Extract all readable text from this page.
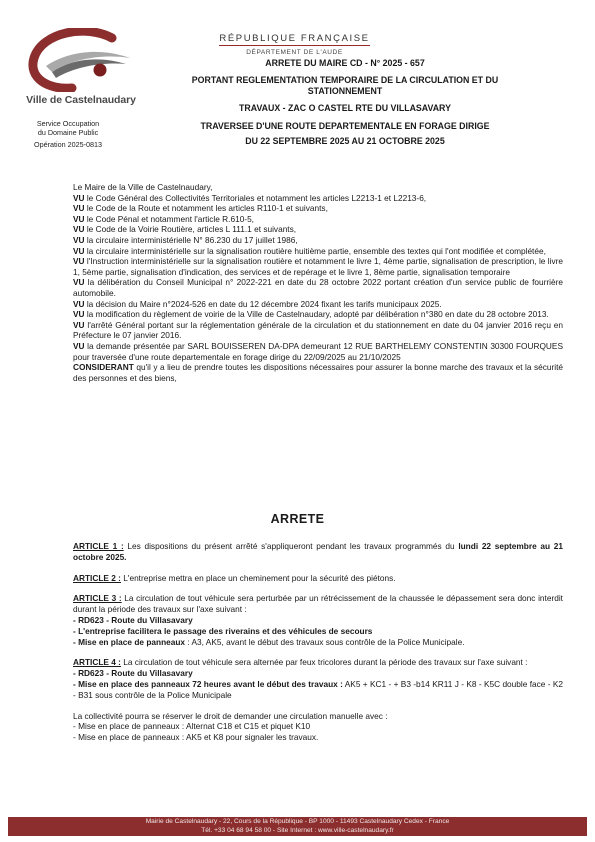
Ville de Castelnaudary
Service Occupation
du Domaine Public
Opération 2025-0813
RÉPUBLIQUE FRANÇAISE
DÉPARTEMENT DE L'AUDE
ARRETE DU MAIRE CD - N° 2025 - 657
PORTANT REGLEMENTATION TEMPORAIRE DE LA CIRCULATION ET DU
STATIONNEMENT
TRAVAUX - ZAC O CASTEL RTE DU VILLASAVARY
TRAVERSEE D'UNE ROUTE DEPARTEMENTALE EN FORAGE DIRIGE
DU 22 SEPTEMBRE 2025 AU 21 OCTOBRE 2025

Le Maire de la Ville de Castelnaudary,

VU le Code Général des Collectivités Territoriales et notamment les articles L2213-1 et L2213-6,

VU le Code de la Route et notamment les articles R110-1 et suivants,

VU le Code Pénal et notamment l'article R.610-5,

VU le Code de la Voirie Routière, articles L 111.1 et suivants,

VU la circulaire interministérielle N° 86.230 du 17 juillet 1986,

VU la circulaire interministérielle sur la signalisation routière huitième partie, ensemble des textes qui l'ont modifiée et complétée,

VU l'Instruction interministérielle sur la signalisation routière et notamment le livre 1, 4ème partie, signalisation de prescription, le livre 1, 5ème partie, signalisation d'indication, des services et de repérage et le livre 1, 8ème partie, signalisation temporaire

VU la délibération du Conseil Municipal n° 2022-221 en date du 28 octobre 2022 portant création d'un service public de fourrière automobile.

VU la décision du Maire n°2024-526 en date du 12 décembre 2024 fixant les tarifs municipaux 2025.

VU la modification du règlement de voirie de la Ville de Castelnaudary, adopté par délibération n°380 en date du 28 octobre 2013.

VU l'arrêté Général portant sur la réglementation générale de la circulation et du stationnement en date du 04 janvier 2016 reçu en Préfecture le 07 janvier 2016.

VU la demande présentée par SARL BOUISSEREN DA-DPA demeurant 12 RUE BARTHELEMY CONSTENTIN 30300 FOURQUES pour traversée d'une route departementale en forage dirige du 22/09/2025 au 21/10/2025

CONSIDERANT qu'il y a lieu de prendre toutes les dispositions nécessaires pour assurer la bonne marche des travaux et la sécurité des personnes et des biens,

ARRETE
ARTICLE 1 : Les dispositions du présent arrêté s'appliqueront pendant les travaux programmés du lundi 22 septembre au 21 octobre 2025.
ARTICLE 2 : L'entreprise mettra en place un cheminement pour la sécurité des piétons.
ARTICLE 3 : La circulation de tout véhicule sera perturbée par un rétrécissement de la chaussée le dépassement sera donc interdit durant la période des travaux sur l'axe suivant :
- RD623 - Route du Villasavary
- L'entreprise facilitera le passage des riverains et des véhicules de secours
- Mise en place de panneaux : A3, AK5, avant le début des travaux sous contrôle de la Police Municipale.
ARTICLE 4 : La circulation de tout véhicule sera alternée par feux tricolores durant la période des travaux sur l'axe suivant :
- RD623 - Route du Villasavary
- Mise en place des panneaux 72 heures avant le début des travaux : AK5 + KC1 - + B3 -b14 KR11 J - K8 - K5C double face - K2 - B31 sous contrôle de la Police Municipale
La collectivité pourra se réserver le droit de demander une circulation manuelle avec :
- Mise en place de panneaux : Alternat C18 et C15 et piquet K10
- Mise en place de panneaux : AK5 et K8 pour signaler les travaux.
Mairie de Castelnaudary - 22, Cours de la République - BP 1000 - 11493 Castelnaudary Cedex - France
Tél. +33 04 68 94 58 00 - Site Internet : www.ville-castelnaudary.fr
